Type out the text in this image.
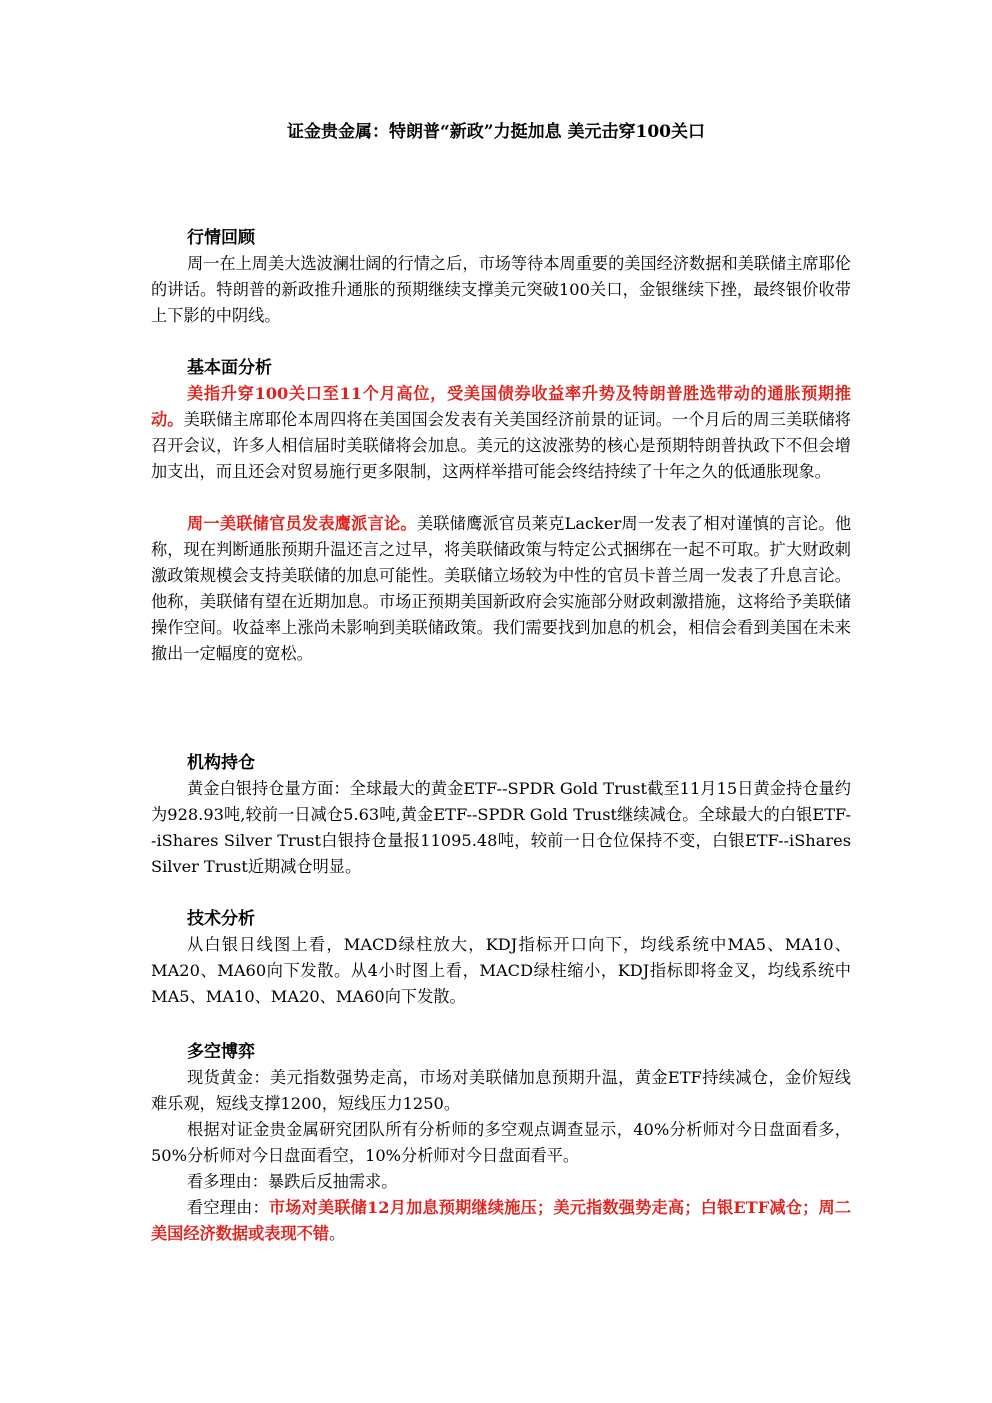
证金贵金属：特朗普“新政”力挺加息 美元击穿100关口

行情回顾

周一在上周美大选波澜壮阔的行情之后，市场等待本周重要的美国经济数据和美联储主席耶伦的讲话。特朗普的新政推升通胀的预期继续支撑美元突破100关口，金银继续下挫，最终银价收带上下影的中阴线。

基本面分析

美指升穿100关口至11个月高位，受美国债券收益率升势及特朗普胜选带动的通胀预期推动。美联储主席耶伦本周四将在美国国会发表有关美国经济前景的证词。一个月后的周三美联储将召开会议，许多人相信届时美联储将会加息。美元的这波涨势的核心是预期特朗普执政下不但会增加支出，而且还会对贸易施行更多限制，这两样举措可能会终结持续了十年之久的低通胀现象。

周一美联储官员发表鹰派言论。美联储鹰派官员莱克Lacker周一发表了相对谨慎的言论。他称，现在判断通胀预期升温还言之过早，将美联储政策与特定公式捆绑在一起不可取。扩大财政刺激政策规模会支持美联储的加息可能性。美联储立场较为中性的官员卡普兰周一发表了升息言论。他称，美联储有望在近期加息。市场正预期美国新政府会实施部分财政刺激措施，这将给予美联储操作空间。收益率上涨尚未影响到美联储政策。我们需要找到加息的机会，相信会看到美国在未来撤出一定幅度的宽松。

机构持仓

黄金白银持仓量方面：全球最大的黄金ETF--SPDR Gold Trust截至11月15日黄金持仓量约为928.93吨,较前一日减仓5.63吨,黄金ETF--SPDR Gold Trust继续减仓。全球最大的白银ETF--iShares Silver Trust白银持仓量报11095.48吨，较前一日仓位保持不变，白银ETF--iShares Silver Trust近期减仓明显。

技术分析

从白银日线图上看，MACD绿柱放大，KDJ指标开口向下，均线系统中MA5、MA10、MA20、MA60向下发散。从4小时图上看，MACD绿柱缩小，KDJ指标即将金叉，均线系统中MA5、MA10、MA20、MA60向下发散。

多空博弈

现货黄金：美元指数强势走高，市场对美联储加息预期升温，黄金ETF持续减仓，金价短线难乐观，短线支撑1200，短线压力1250。

根据对证金贵金属研究团队所有分析师的多空观点调查显示，40%分析师对今日盘面看多，50%分析师对今日盘面看空，10%分析师对今日盘面看平。

看多理由：暴跌后反抽需求。

看空理由：市场对美联储12月加息预期继续施压；美元指数强势走高；白银ETF减仓；周二美国经济数据或表现不错。
